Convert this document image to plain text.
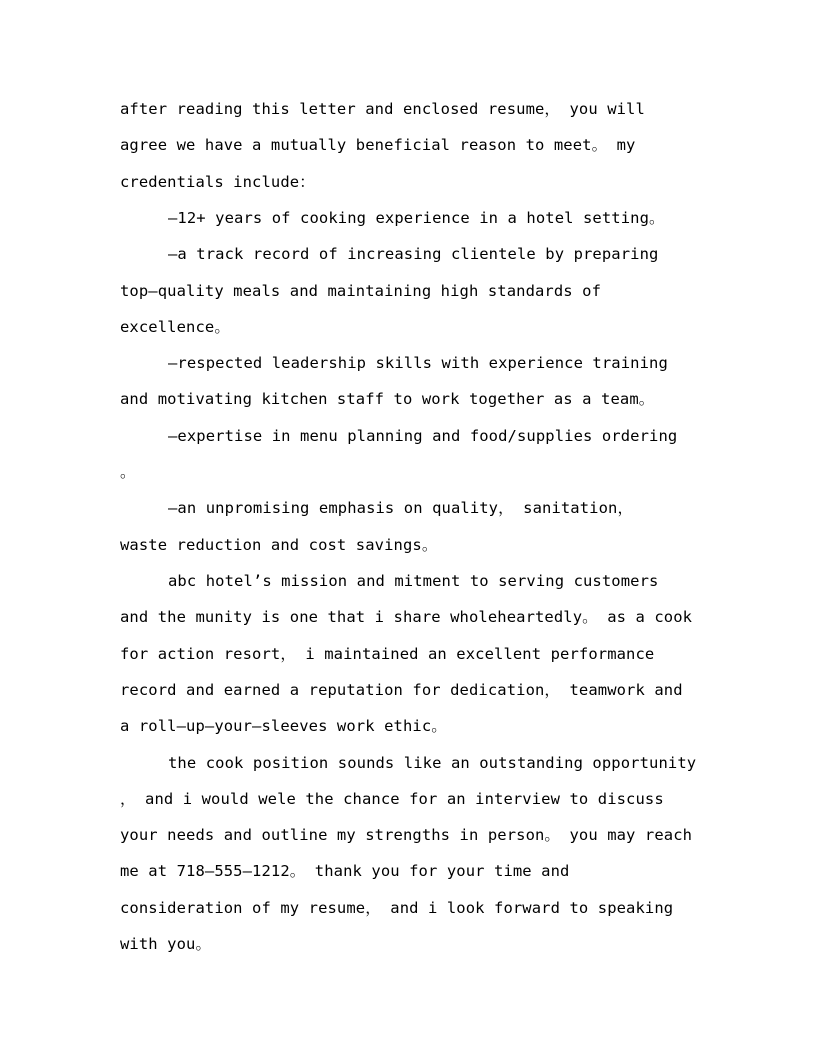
after reading this letter and enclosed resume， you will
agree we have a mutually beneficial reason to meet。 my
credentials include：
—12+ years of cooking experience in a hotel setting。
—a track record of increasing clientele by preparing
top—quality meals and maintaining high standards of
excellence。
—respected leadership skills with experience training
and motivating kitchen staff to work together as a team。
—expertise in menu planning and food/supplies ordering
。
—an unpromising emphasis on quality， sanitation，
waste reduction and cost savings。
abc hotel’s mission and mitment to serving customers
and the munity is one that i share wholeheartedly。 as a cook
for action resort， i maintained an excellent performance
record and earned a reputation for dedication， teamwork and
a roll—up—your—sleeves work ethic。
the cook position sounds like an outstanding opportunity
， and i would wele the chance for an interview to discuss
your needs and outline my strengths in person。 you may reach
me at 718—555—1212。 thank you for your time and
consideration of my resume， and i look forward to speaking
with you。
